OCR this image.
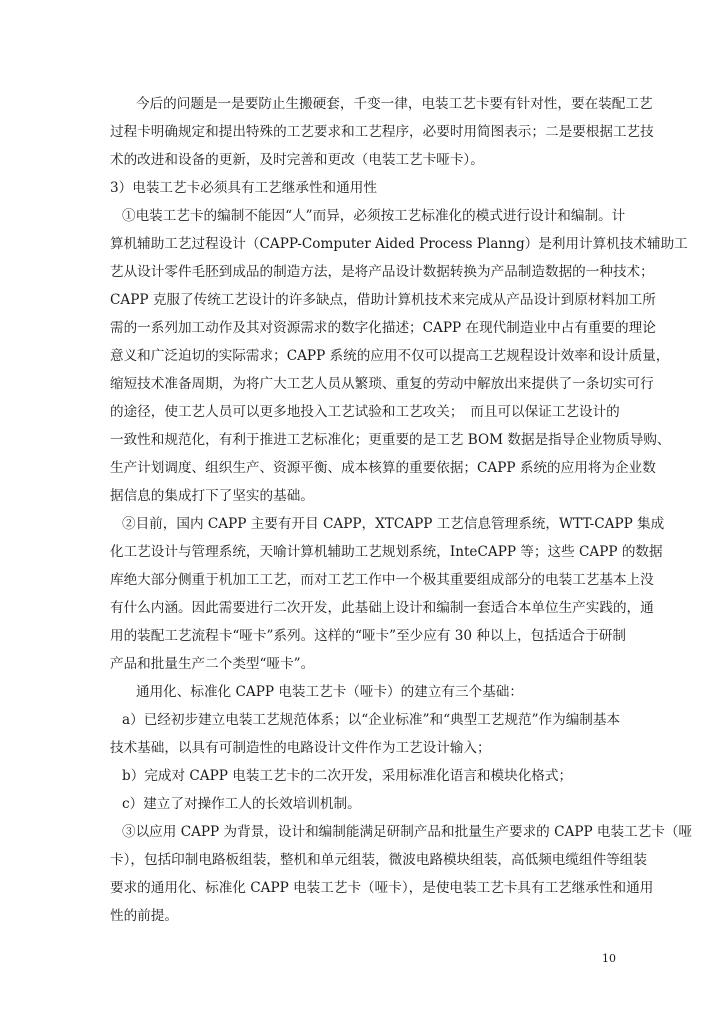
今后的问题是一是要防止生搬硬套，千变一律，电装工艺卡要有针对性，要在装配工艺
过程卡明确规定和提出特殊的工艺要求和工艺程序，必要时用简图表示；二是要根据工艺技
术的改进和设备的更新，及时完善和更改（电装工艺卡哑卡）。
3）电装工艺卡必须具有工艺继承性和通用性
①电装工艺卡的编制不能因“人”而异，必须按工艺标准化的模式进行设计和编制。计
算机辅助工艺过程设计（CAPP-Computer Aided Process Planng）是利用计算机技术辅助工
艺从设计零件毛胚到成品的制造方法，是将产品设计数据转换为产品制造数据的一种技术；
CAPP 克服了传统工艺设计的许多缺点，借助计算机技术来完成从产品设计到原材料加工所
需的一系列加工动作及其对资源需求的数字化描述；CAPP 在现代制造业中占有重要的理论
意义和广泛迫切的实际需求；CAPP 系统的应用不仅可以提高工艺规程设计效率和设计质量，
缩短技术准备周期，为将广大工艺人员从繁琐、重复的劳动中解放出来提供了一条切实可行
的途径，使工艺人员可以更多地投入工艺试验和工艺攻关；　而且可以保证工艺设计的
一致性和规范化，有利于推进工艺标准化；更重要的是工艺 BOM 数据是指导企业物质导购、
生产计划调度、组织生产、资源平衡、成本核算的重要依据；CAPP 系统的应用将为企业数
据信息的集成打下了坚实的基础。
②目前，国内 CAPP 主要有开目 CAPP，XTCAPP 工艺信息管理系统，WTT-CAPP 集成
化工艺设计与管理系统，天喻计算机辅助工艺规划系统，InteCAPP 等；这些 CAPP 的数据
库绝大部分侧重于机加工工艺，而对工艺工作中一个极其重要组成部分的电装工艺基本上没
有什么内涵。因此需要进行二次开发，此基础上设计和编制一套适合本单位生产实践的，通
用的装配工艺流程卡“哑卡”系列。这样的“哑卡”至少应有 30 种以上，包括适合于研制
产品和批量生产二个类型“哑卡”。
通用化、标准化 CAPP 电装工艺卡（哑卡）的建立有三个基础：
a）已经初步建立电装工艺规范体系；以“企业标准”和“典型工艺规范”作为编制基本
技术基础，以具有可制造性的电路设计文件作为工艺设计输入；
b）完成对 CAPP 电装工艺卡的二次开发，采用标准化语言和模块化格式；
c）建立了对操作工人的长效培训机制。
③以应用 CAPP 为背景，设计和编制能满足研制产品和批量生产要求的 CAPP 电装工艺卡（哑
卡），包括印制电路板组装，整机和单元组装，微波电路模块组装，高低频电缆组件等组装
要求的通用化、标准化 CAPP 电装工艺卡（哑卡），是使电装工艺卡具有工艺继承性和通用
性的前提。
10
